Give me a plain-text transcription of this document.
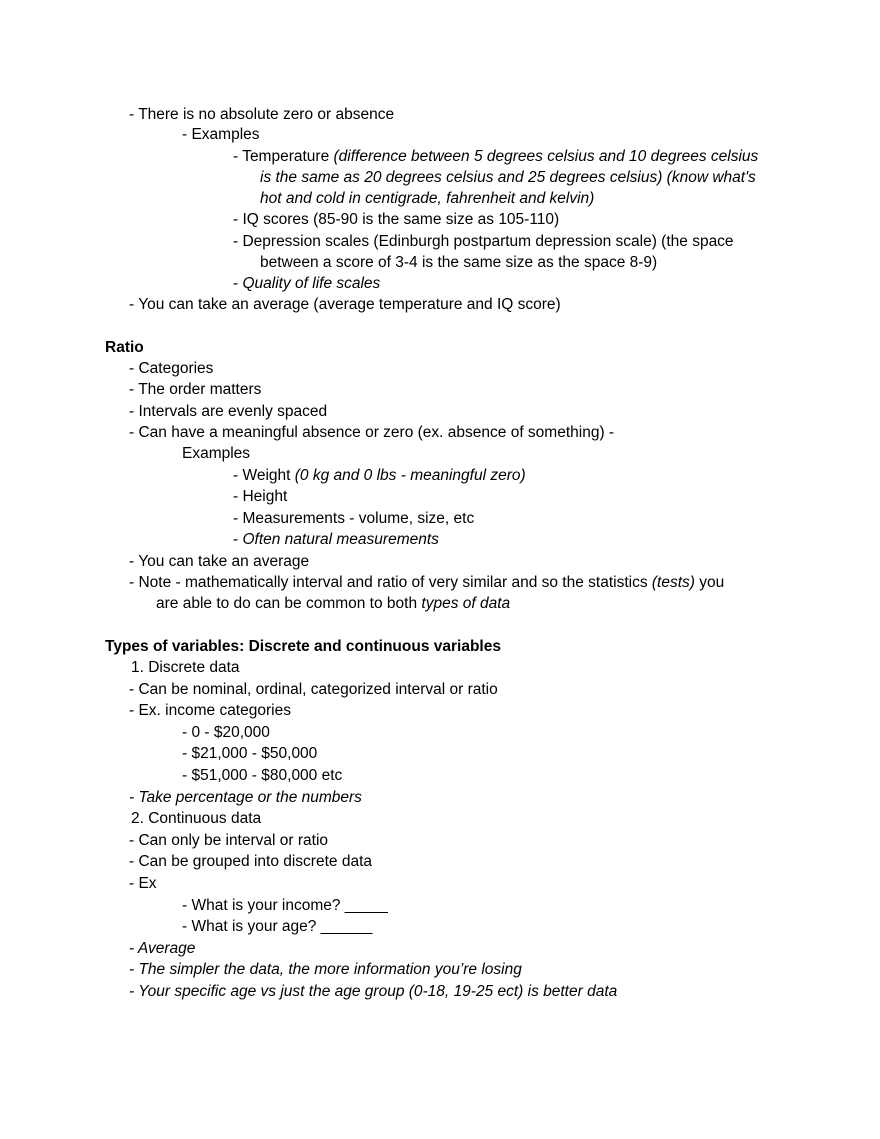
- There is no absolute zero or absence
- Examples
- Temperature (difference between 5 degrees celsius and 10 degrees celsius
is the same as 20 degrees celsius and 25 degrees celsius) (know what's
hot and cold in centigrade, fahrenheit and kelvin)
- IQ scores (85-90 is the same size as 105-110)
- Depression scales (Edinburgh postpartum depression scale) (the space
between a score of 3-4 is the same size as the space 8-9)
- Quality of life scales
- You can take an average (average temperature and IQ score)
Ratio
- Categories
- The order matters
- Intervals are evenly spaced
- Can have a meaningful absence or zero (ex. absence of something) -
Examples
- Weight (0 kg and 0 lbs - meaningful zero)
- Height
- Measurements - volume, size, etc
- Often natural measurements
- You can take an average
- Note - mathematically interval and ratio of very similar and so the statistics (tests) you
are able to do can be common to both types of data
Types of variables: Discrete and continuous variables
1. Discrete data
- Can be nominal, ordinal, categorized interval or ratio
- Ex. income categories
- 0 - $20,000
- $21,000 - $50,000
- $51,000 - $80,000 etc
- Take percentage or the numbers
2. Continuous data
- Can only be interval or ratio
- Can be grouped into discrete data
- Ex
- What is your income? _____
- What is your age? ______
- Average
- The simpler the data, the more information you’re losing
- Your specific age vs just the age group (0-18, 19-25 ect) is better data
